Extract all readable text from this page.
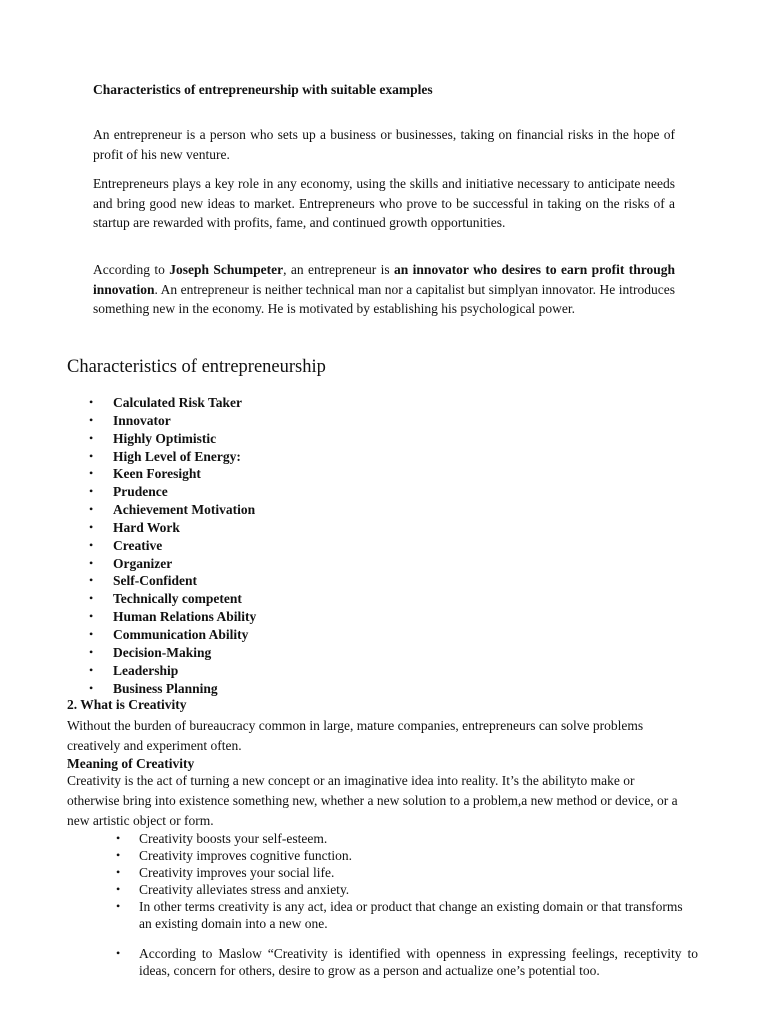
Characteristics of entrepreneurship with suitable examples

An entrepreneur is a person who sets up a business or businesses, taking on financial risks in the hope of profit of his new venture.

Entrepreneurs plays a key role in any economy, using the skills and initiative necessary to anticipate needs and bring good new ideas to market. Entrepreneurs who prove to be successful in taking on the risks of a startup are rewarded with profits, fame, and continued growth opportunities.

According to Joseph Schumpeter, an entrepreneur is an innovator who desires to earn profit through innovation. An entrepreneur is neither technical man nor a capitalist but simplyan innovator. He introduces something new in the economy. He is motivated by establishing his psychological power.

Characteristics of entrepreneurship
• Calculated Risk Taker
• Innovator
• Highly Optimistic
• High Level of Energy:
• Keen Foresight
• Prudence
• Achievement Motivation
• Hard Work
• Creative
• Organizer
• Self-Confident
• Technically competent
• Human Relations Ability
• Communication Ability
• Decision-Making
• Leadership
• Business Planning
2. What is Creativity

Without the burden of bureaucracy common in large, mature companies, entrepreneurs can solve problems creatively and experiment often.

Meaning of Creativity

Creativity is the act of turning a new concept or an imaginative idea into reality. It’s the abilityto make or otherwise bring into existence something new, whether a new solution to a problem,a new method or device, or a new artistic object or form.

• Creativity boosts your self-esteem.
• Creativity improves cognitive function.
• Creativity improves your social life.
• Creativity alleviates stress and anxiety.
• In other terms creativity is any act, idea or product that change an existing domain or that transforms an existing domain into a new one.
• According to Maslow “Creativity is identified with openness in expressing feelings, receptivity to ideas, concern for others, desire to grow as a person and actualize one’s potential too.
